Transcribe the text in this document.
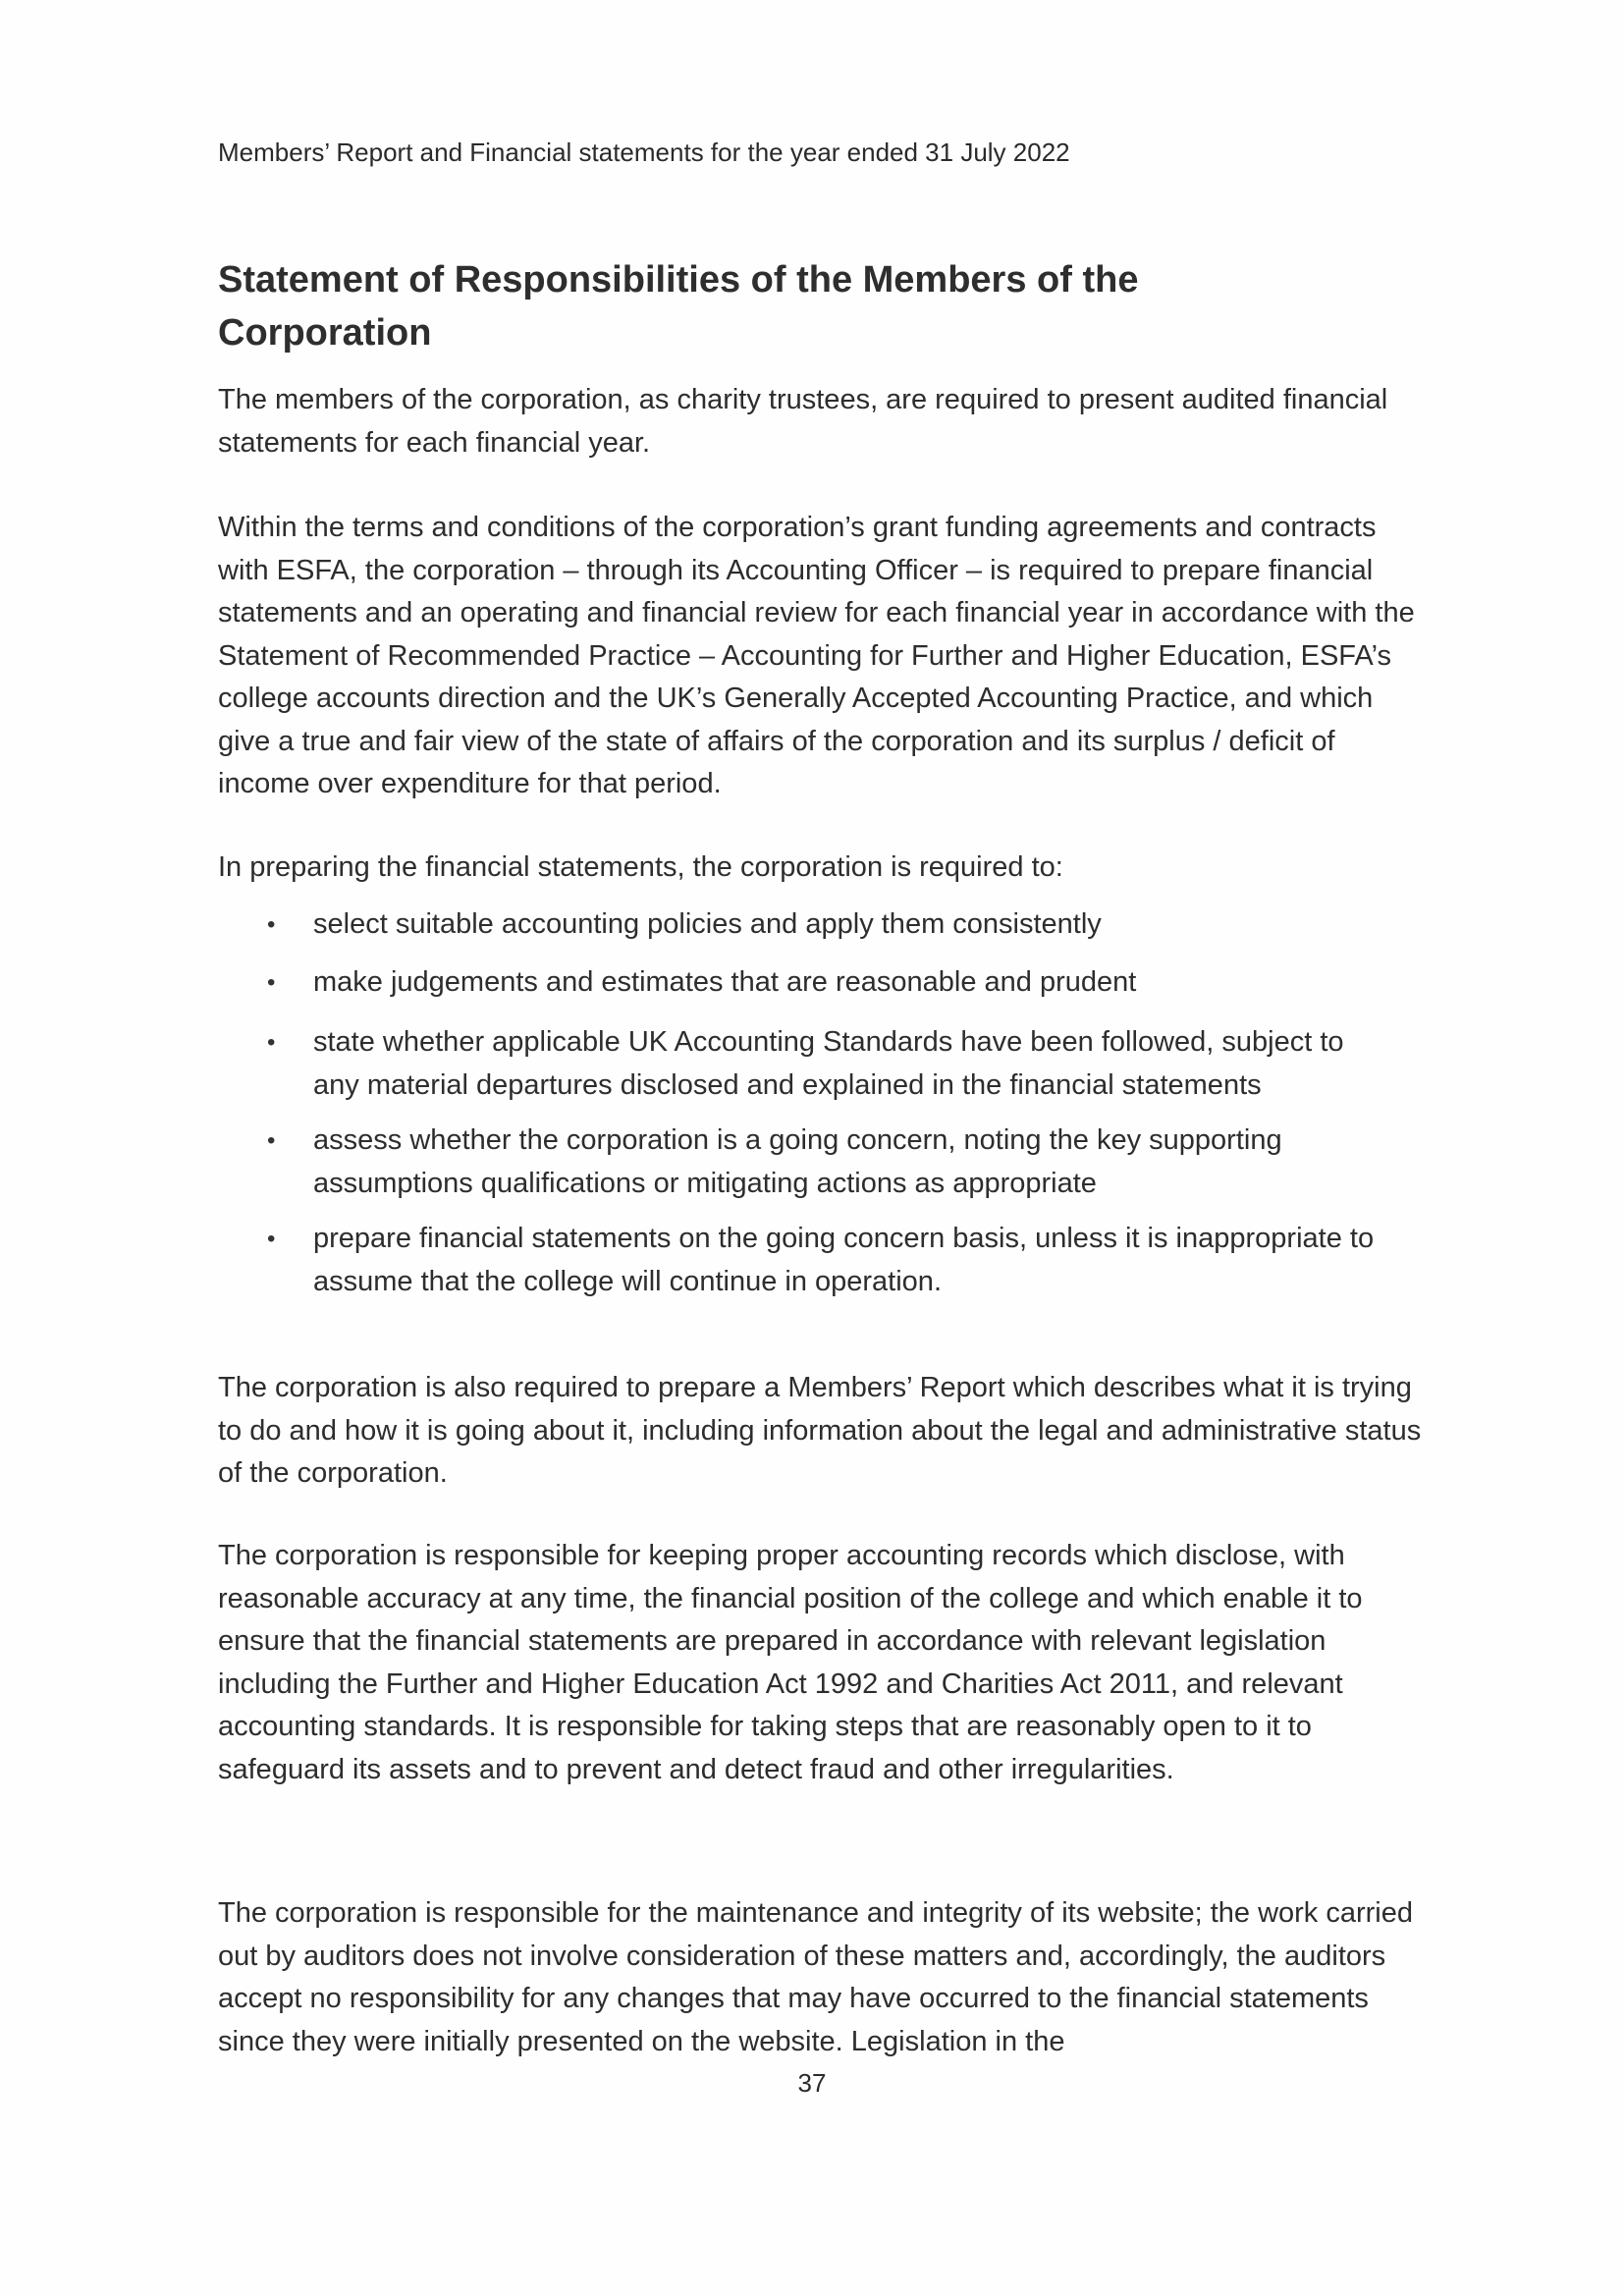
Members’ Report and Financial statements for the year ended 31 July 2022
Statement of Responsibilities of the Members of the Corporation

The members of the corporation, as charity trustees, are required to present audited financial statements for each financial year.

Within the terms and conditions of the corporation’s grant funding agreements and contracts with ESFA, the corporation – through its Accounting Officer – is required to prepare financial statements and an operating and financial review for each financial year in accordance with the Statement of Recommended Practice – Accounting for Further and Higher Education, ESFA’s college accounts direction and the UK’s Generally Accepted Accounting Practice, and which give a true and fair view of the state of affairs of the corporation and its surplus / deficit of income over expenditure for that period.

In preparing the financial statements, the corporation is required to:

• select suitable accounting policies and apply them consistently
• make judgements and estimates that are reasonable and prudent
• state whether applicable UK Accounting Standards have been followed, subject to any material departures disclosed and explained in the financial statements
• assess whether the corporation is a going concern, noting the key supporting assumptions qualifications or mitigating actions as appropriate
• prepare financial statements on the going concern basis, unless it is inappropriate to assume that the college will continue in operation.

The corporation is also required to prepare a Members’ Report which describes what it is trying to do and how it is going about it, including information about the legal and administrative status of the corporation.

The corporation is responsible for keeping proper accounting records which disclose, with reasonable accuracy at any time, the financial position of the college and which enable it to ensure that the financial statements are prepared in accordance with relevant legislation including the Further and Higher Education Act 1992 and Charities Act 2011, and relevant accounting standards. It is responsible for taking steps that are reasonably open to it to safeguard its assets and to prevent and detect fraud and other irregularities.

The corporation is responsible for the maintenance and integrity of its website; the work carried out by auditors does not involve consideration of these matters and, accordingly, the auditors accept no responsibility for any changes that may have occurred to the financial statements since they were initially presented on the website. Legislation in the

37
